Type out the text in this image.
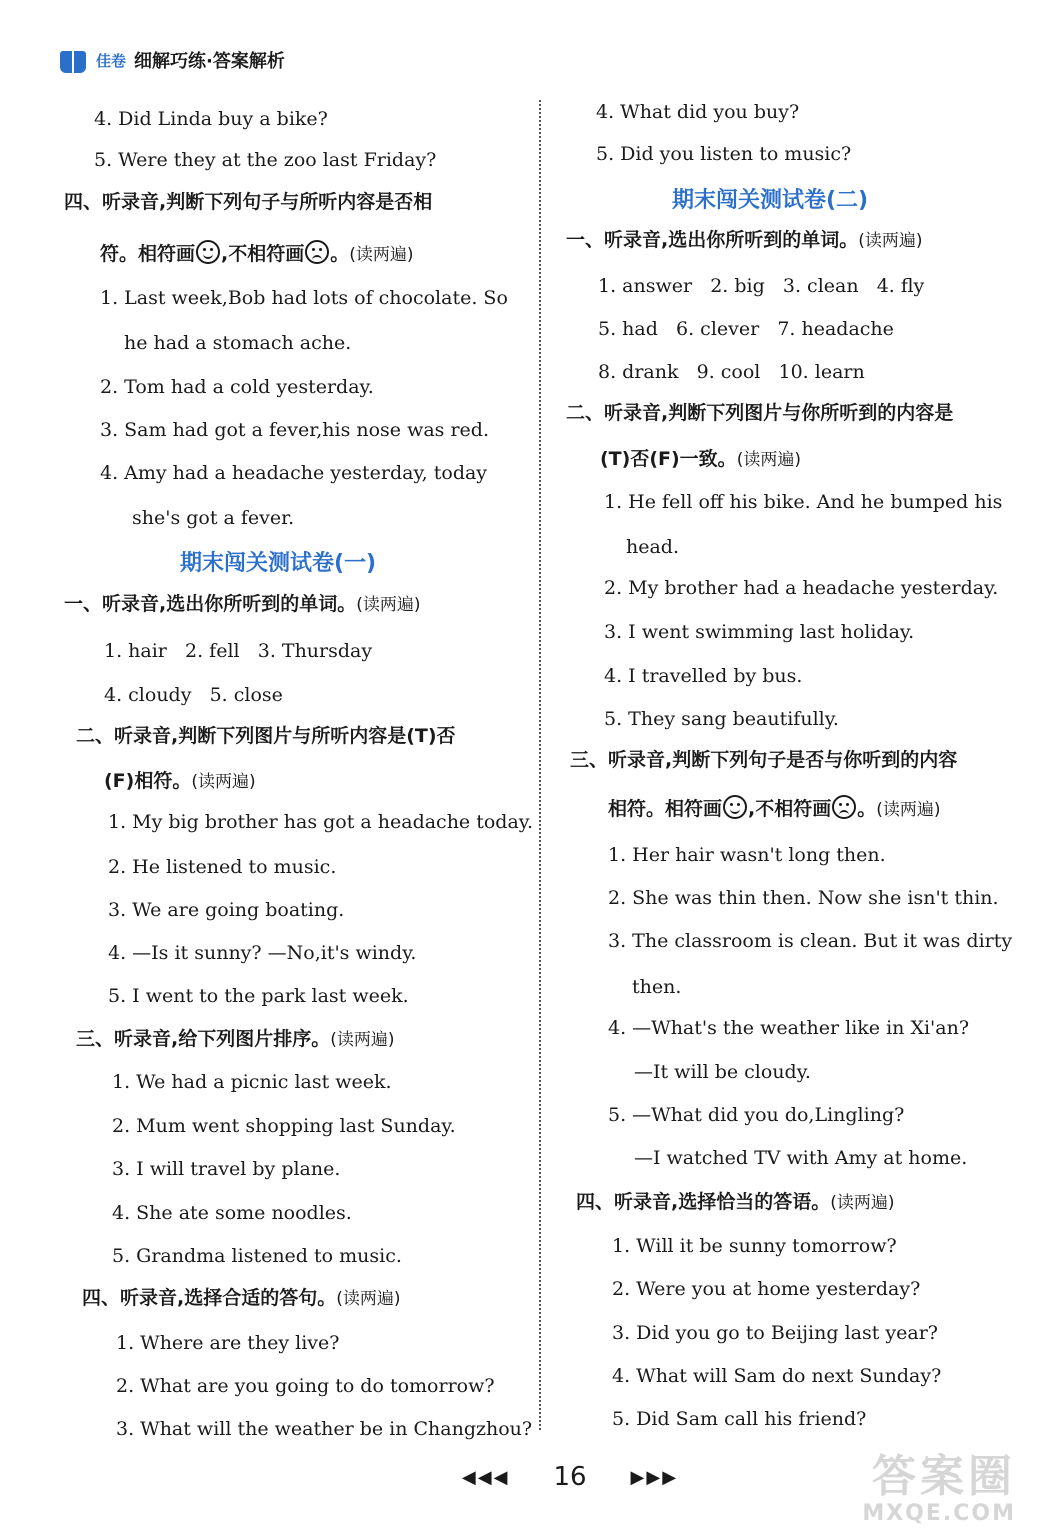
佳卷 细解巧练·答案解析
4. Did Linda buy a bike?
5. Were they at the zoo last Friday?
四、听录音,判断下列句子与所听内容是否相
符。相符画 ,不相符画 。(读两遍)
1. Last week,Bob had lots of chocolate. So
he had a stomach ache.
2. Tom had a cold yesterday.
3. Sam had got a fever,his nose was red.
4. Amy had a headache yesterday, today
she's got a fever.
期末闯关测试卷(一)
一、听录音,选出你所听到的单词。(读两遍)
1. hair   2. fell   3. Thursday
4. cloudy   5. close
二、听录音,判断下列图片与所听内容是(T)否
(F)相符。(读两遍)
1. My big brother has got a headache today.
2. He listened to music.
3. We are going boating.
4. —Is it sunny? —No,it's windy.
5. I went to the park last week.
三、听录音,给下列图片排序。(读两遍)
1. We had a picnic last week.
2. Mum went shopping last Sunday.
3. I will travel by plane.
4. She ate some noodles.
5. Grandma listened to music.
四、听录音,选择合适的答句。(读两遍)
1. Where are they live?
2. What are you going to do tomorrow?
3. What will the weather be in Changzhou?
4. What did you buy?
5. Did you listen to music?
期末闯关测试卷(二)
一、听录音,选出你所听到的单词。(读两遍)
1. answer   2. big   3. clean   4. fly
5. had   6. clever   7. headache
8. drank   9. cool   10. learn
二、听录音,判断下列图片与你所听到的内容是
(T)否(F)一致。(读两遍)
1. He fell off his bike. And he bumped his
head.
2. My brother had a headache yesterday.
3. I went swimming last holiday.
4. I travelled by bus.
5. They sang beautifully.
三、听录音,判断下列句子是否与你听到的内容
相符。相符画 ,不相符画 。(读两遍)
1. Her hair wasn't long then.
2. She was thin then. Now she isn't thin.
3. The classroom is clean. But it was dirty
then.
4. —What's the weather like in Xi'an?
—It will be cloudy.
5. —What did you do,Lingling?
—I watched TV with Amy at home.
四、听录音,选择恰当的答语。(读两遍)
1. Will it be sunny tomorrow?
2. Were you at home yesterday?
3. Did you go to Beijing last year?
4. What will Sam do next Sunday?
5. Did Sam call his friend?
◀◀◀ 16 ▶▶▶	答案圈
MXQE.COM
